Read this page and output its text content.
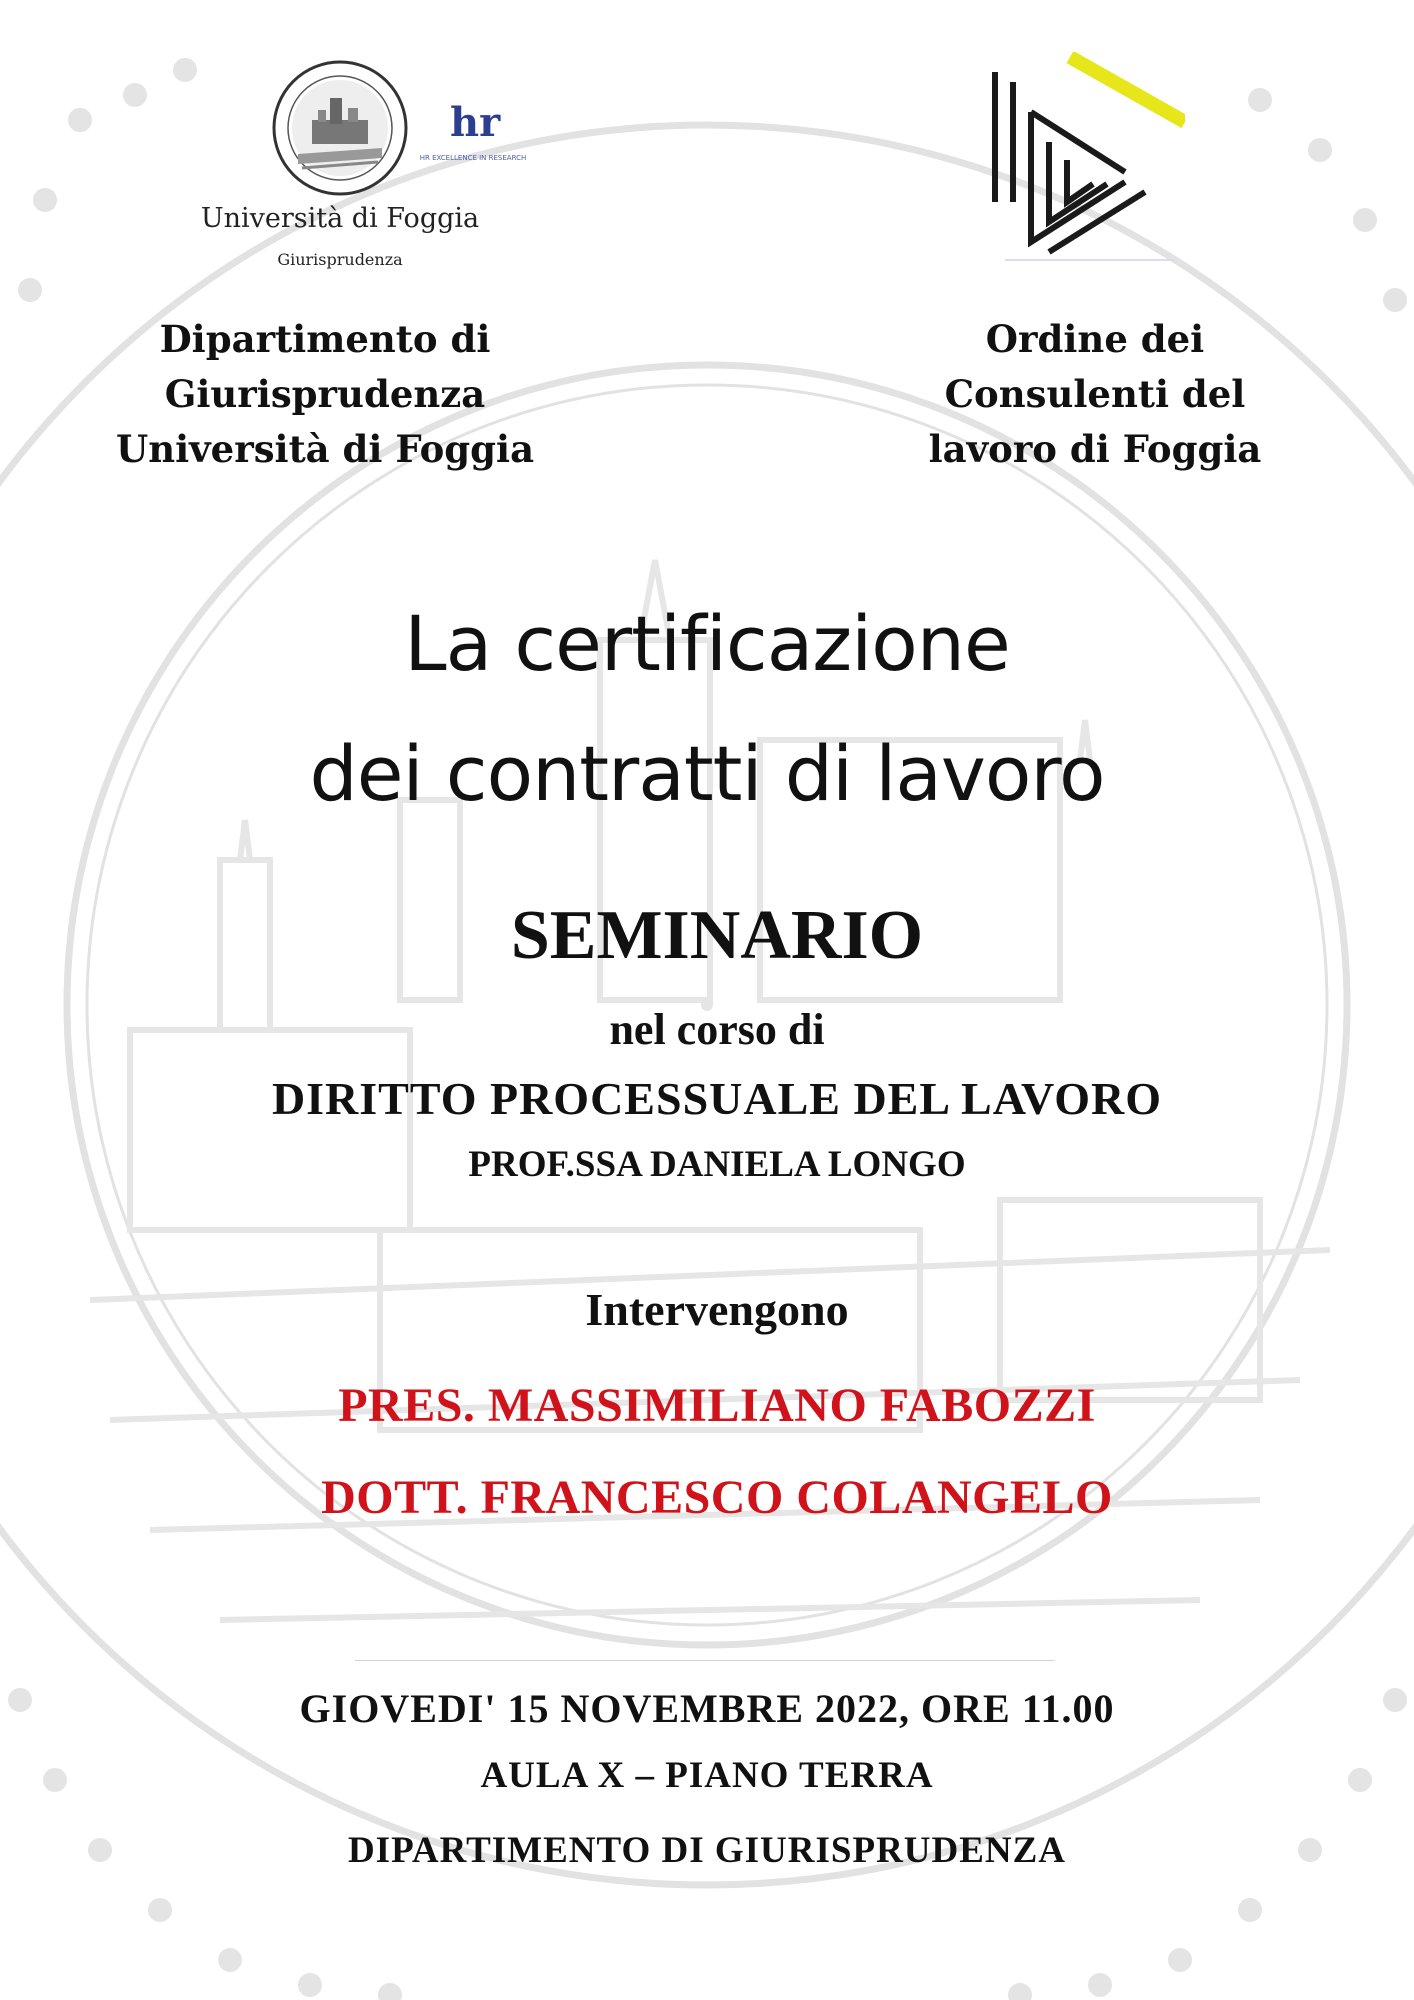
hr
HR EXCELLENCE IN RESEARCH
Università di Foggia
Giurisprudenza
Dipartimento di
Giurisprudenza
Università di Foggia
Ordine dei
Consulenti del
lavoro di Foggia
La certificazione
dei contratti di lavoro
SEMINARIO
nel corso di
DIRITTO PROCESSUALE DEL LAVORO
PROF.SSA DANIELA LONGO
Intervengono
PRES. MASSIMILIANO FABOZZI
DOTT. FRANCESCO COLANGELO
GIOVEDI' 15 NOVEMBRE 2022, ORE 11.00
AULA X – PIANO TERRA
DIPARTIMENTO DI GIURISPRUDENZA
